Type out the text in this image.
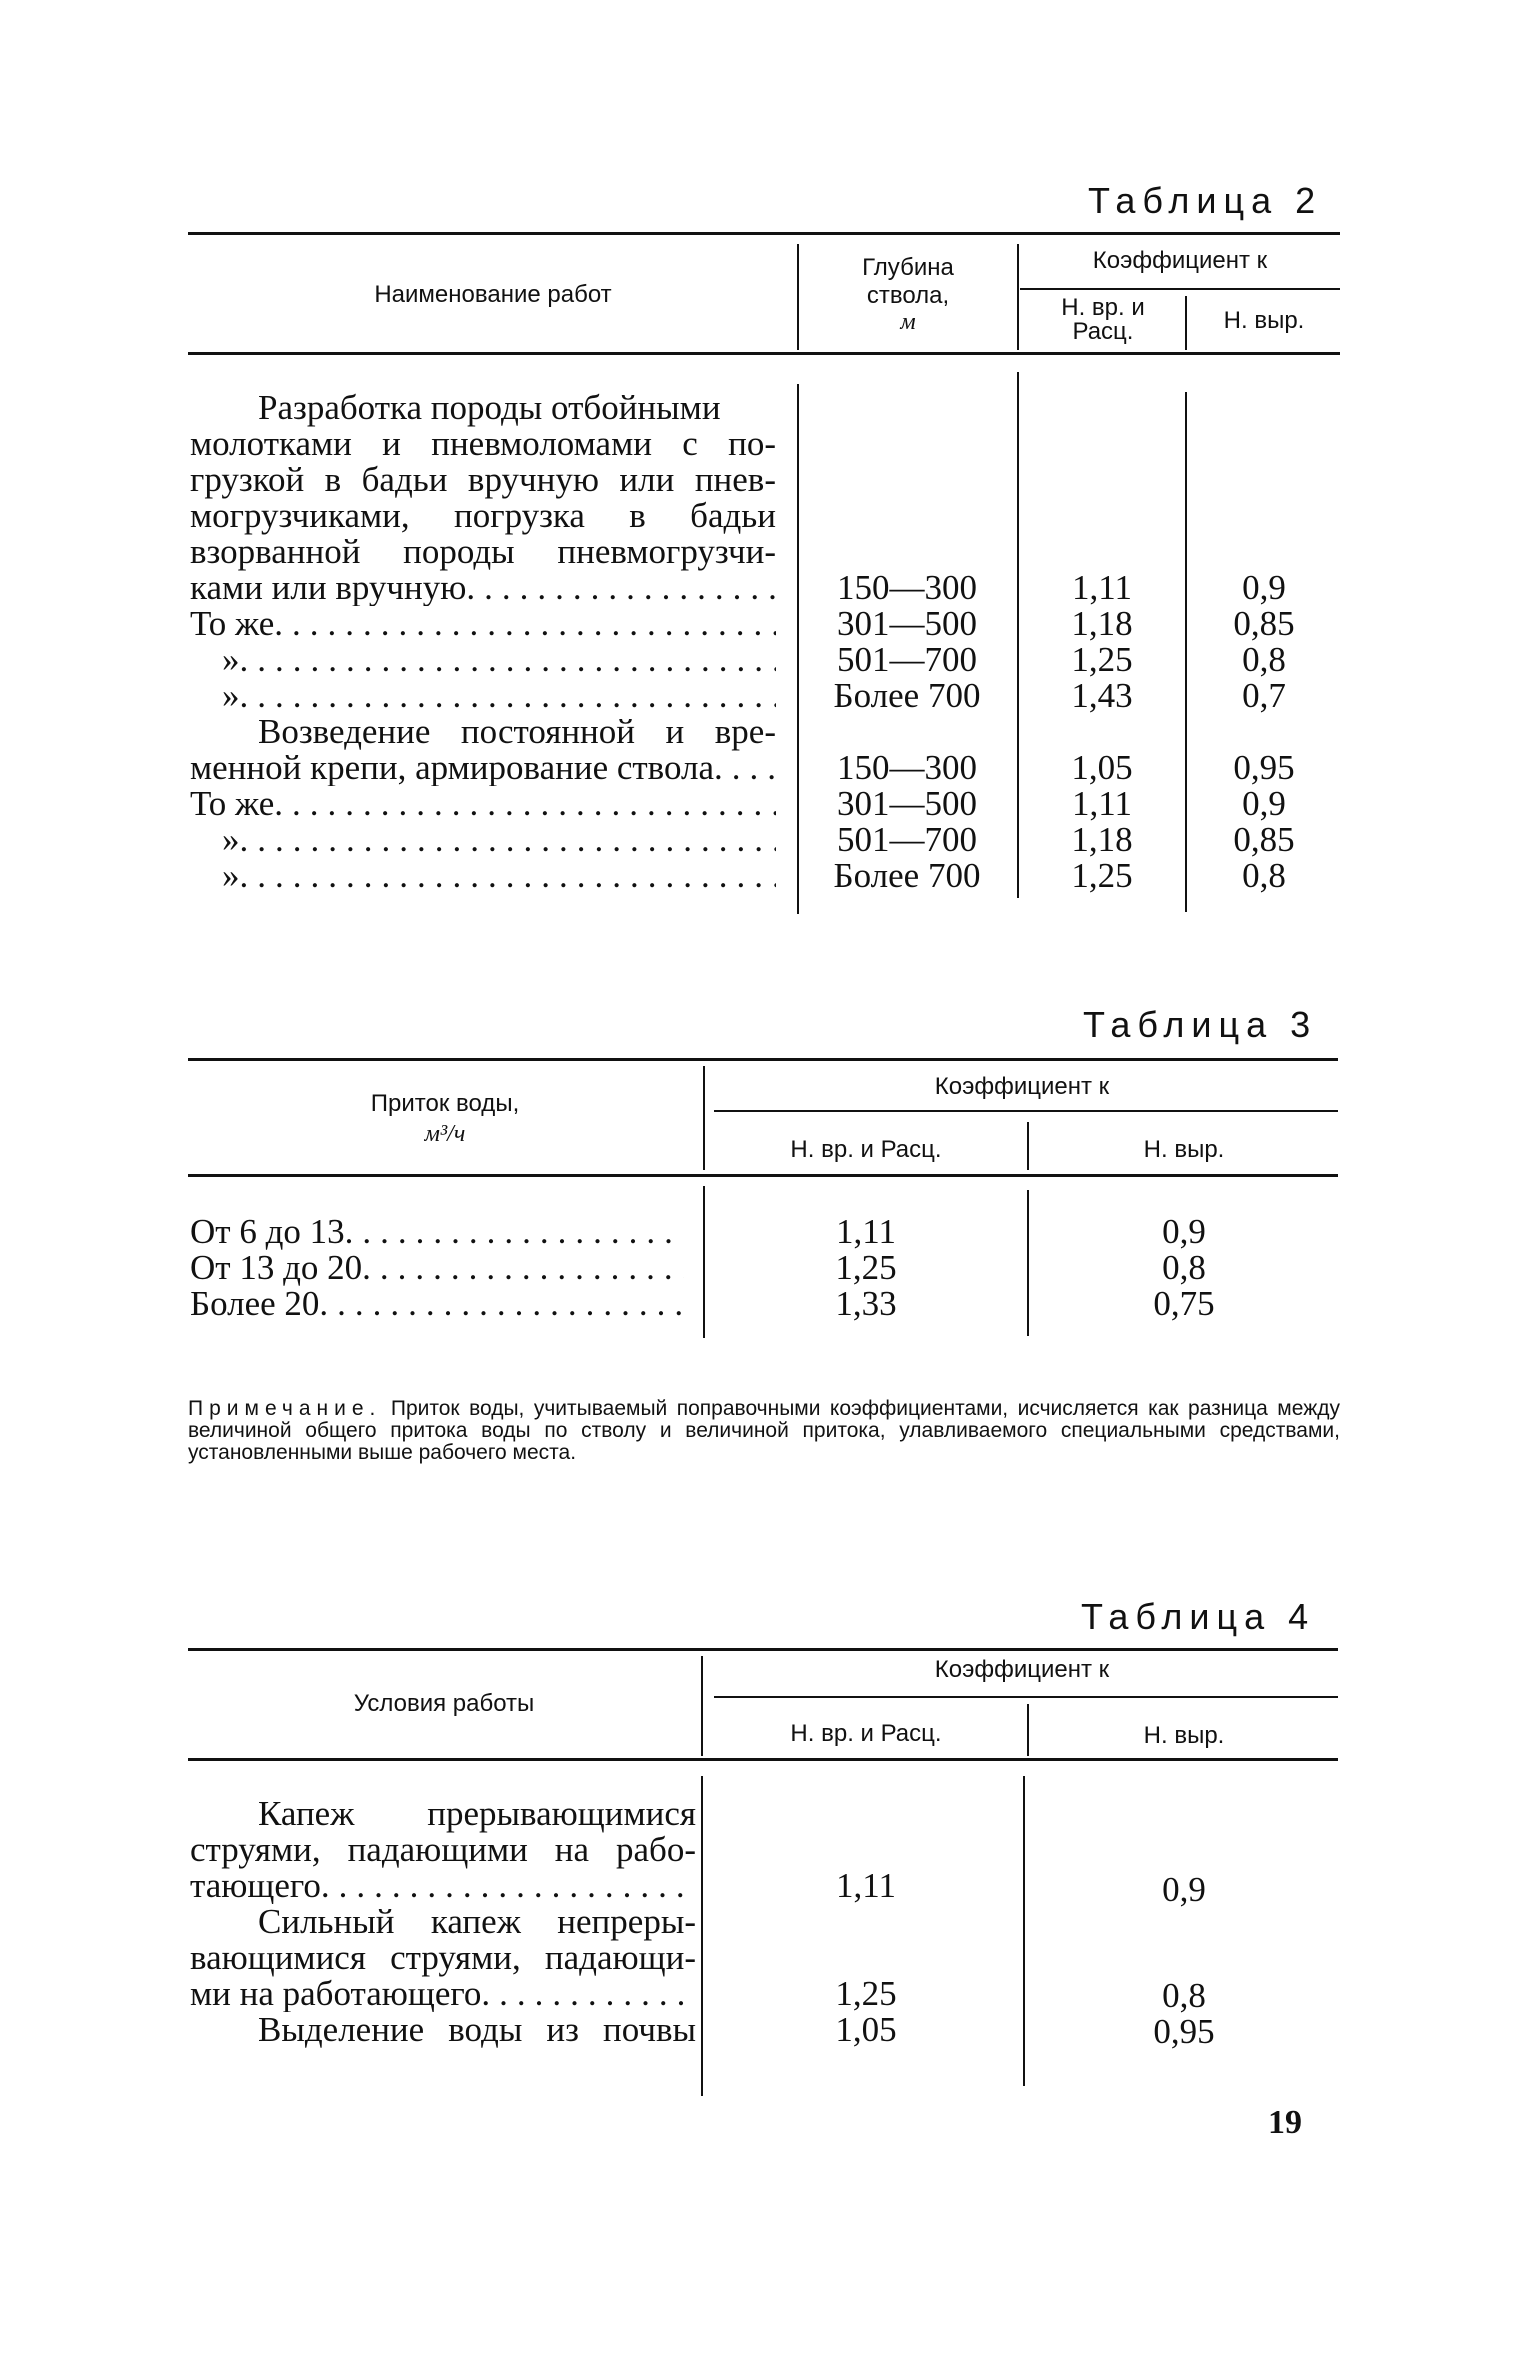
Таблица 2
Наименование работ
Глубина
ствола,
м
Коэффициент к
Н. вр. и
Расц.	Н. выр.
Разработка породы отбойными
молотками и пневмоломами с по-
грузкой в бадьи вручную или пнев-
могрузчиками, погрузка в бадьи
взорванной породы пневмогрузчи-
ками или вручную .....	150—300	1,11	0,9
То же .....	301—500	1,18	0,85
» .....	501—700	1,25	0,8
» .....	Более 700	1,43	0,7
Возведение постоянной и вре-
менной крепи, армирование ствола .....	150—300	1,05	0,95
То же .....	301—500	1,11	0,9
» .....	501—700	1,18	0,85
» .....	Более 700	1,25	0,8
Таблица 3
Приток воды,
м³/ч
Коэффициент к
Н. вр. и Расц.	Н. выр.
От 6 до 13 .....	1,11	0,9
От 13 до 20 .....	1,25	0,8
Более 20 .....	1,33	0,75
Примечание. Приток воды, учитываемый поправочными коэффициентами, исчисляется как разница между величиной общего притока воды по стволу и величиной притока, улавливаемого специальными средствами, установленными выше рабочего места.
Таблица 4
Условия работы
Коэффициент к
Н. вр. и Расц.	Н. выр.
Капеж прерывающимися
струями, падающими на рабо-
тающего .....	1,11	0,9
Сильный капеж непреры-
вающимися струями, падающи-
ми на работающего .....	1,25	0,8
Выделение воды из почвы	1,05	0,95
19
